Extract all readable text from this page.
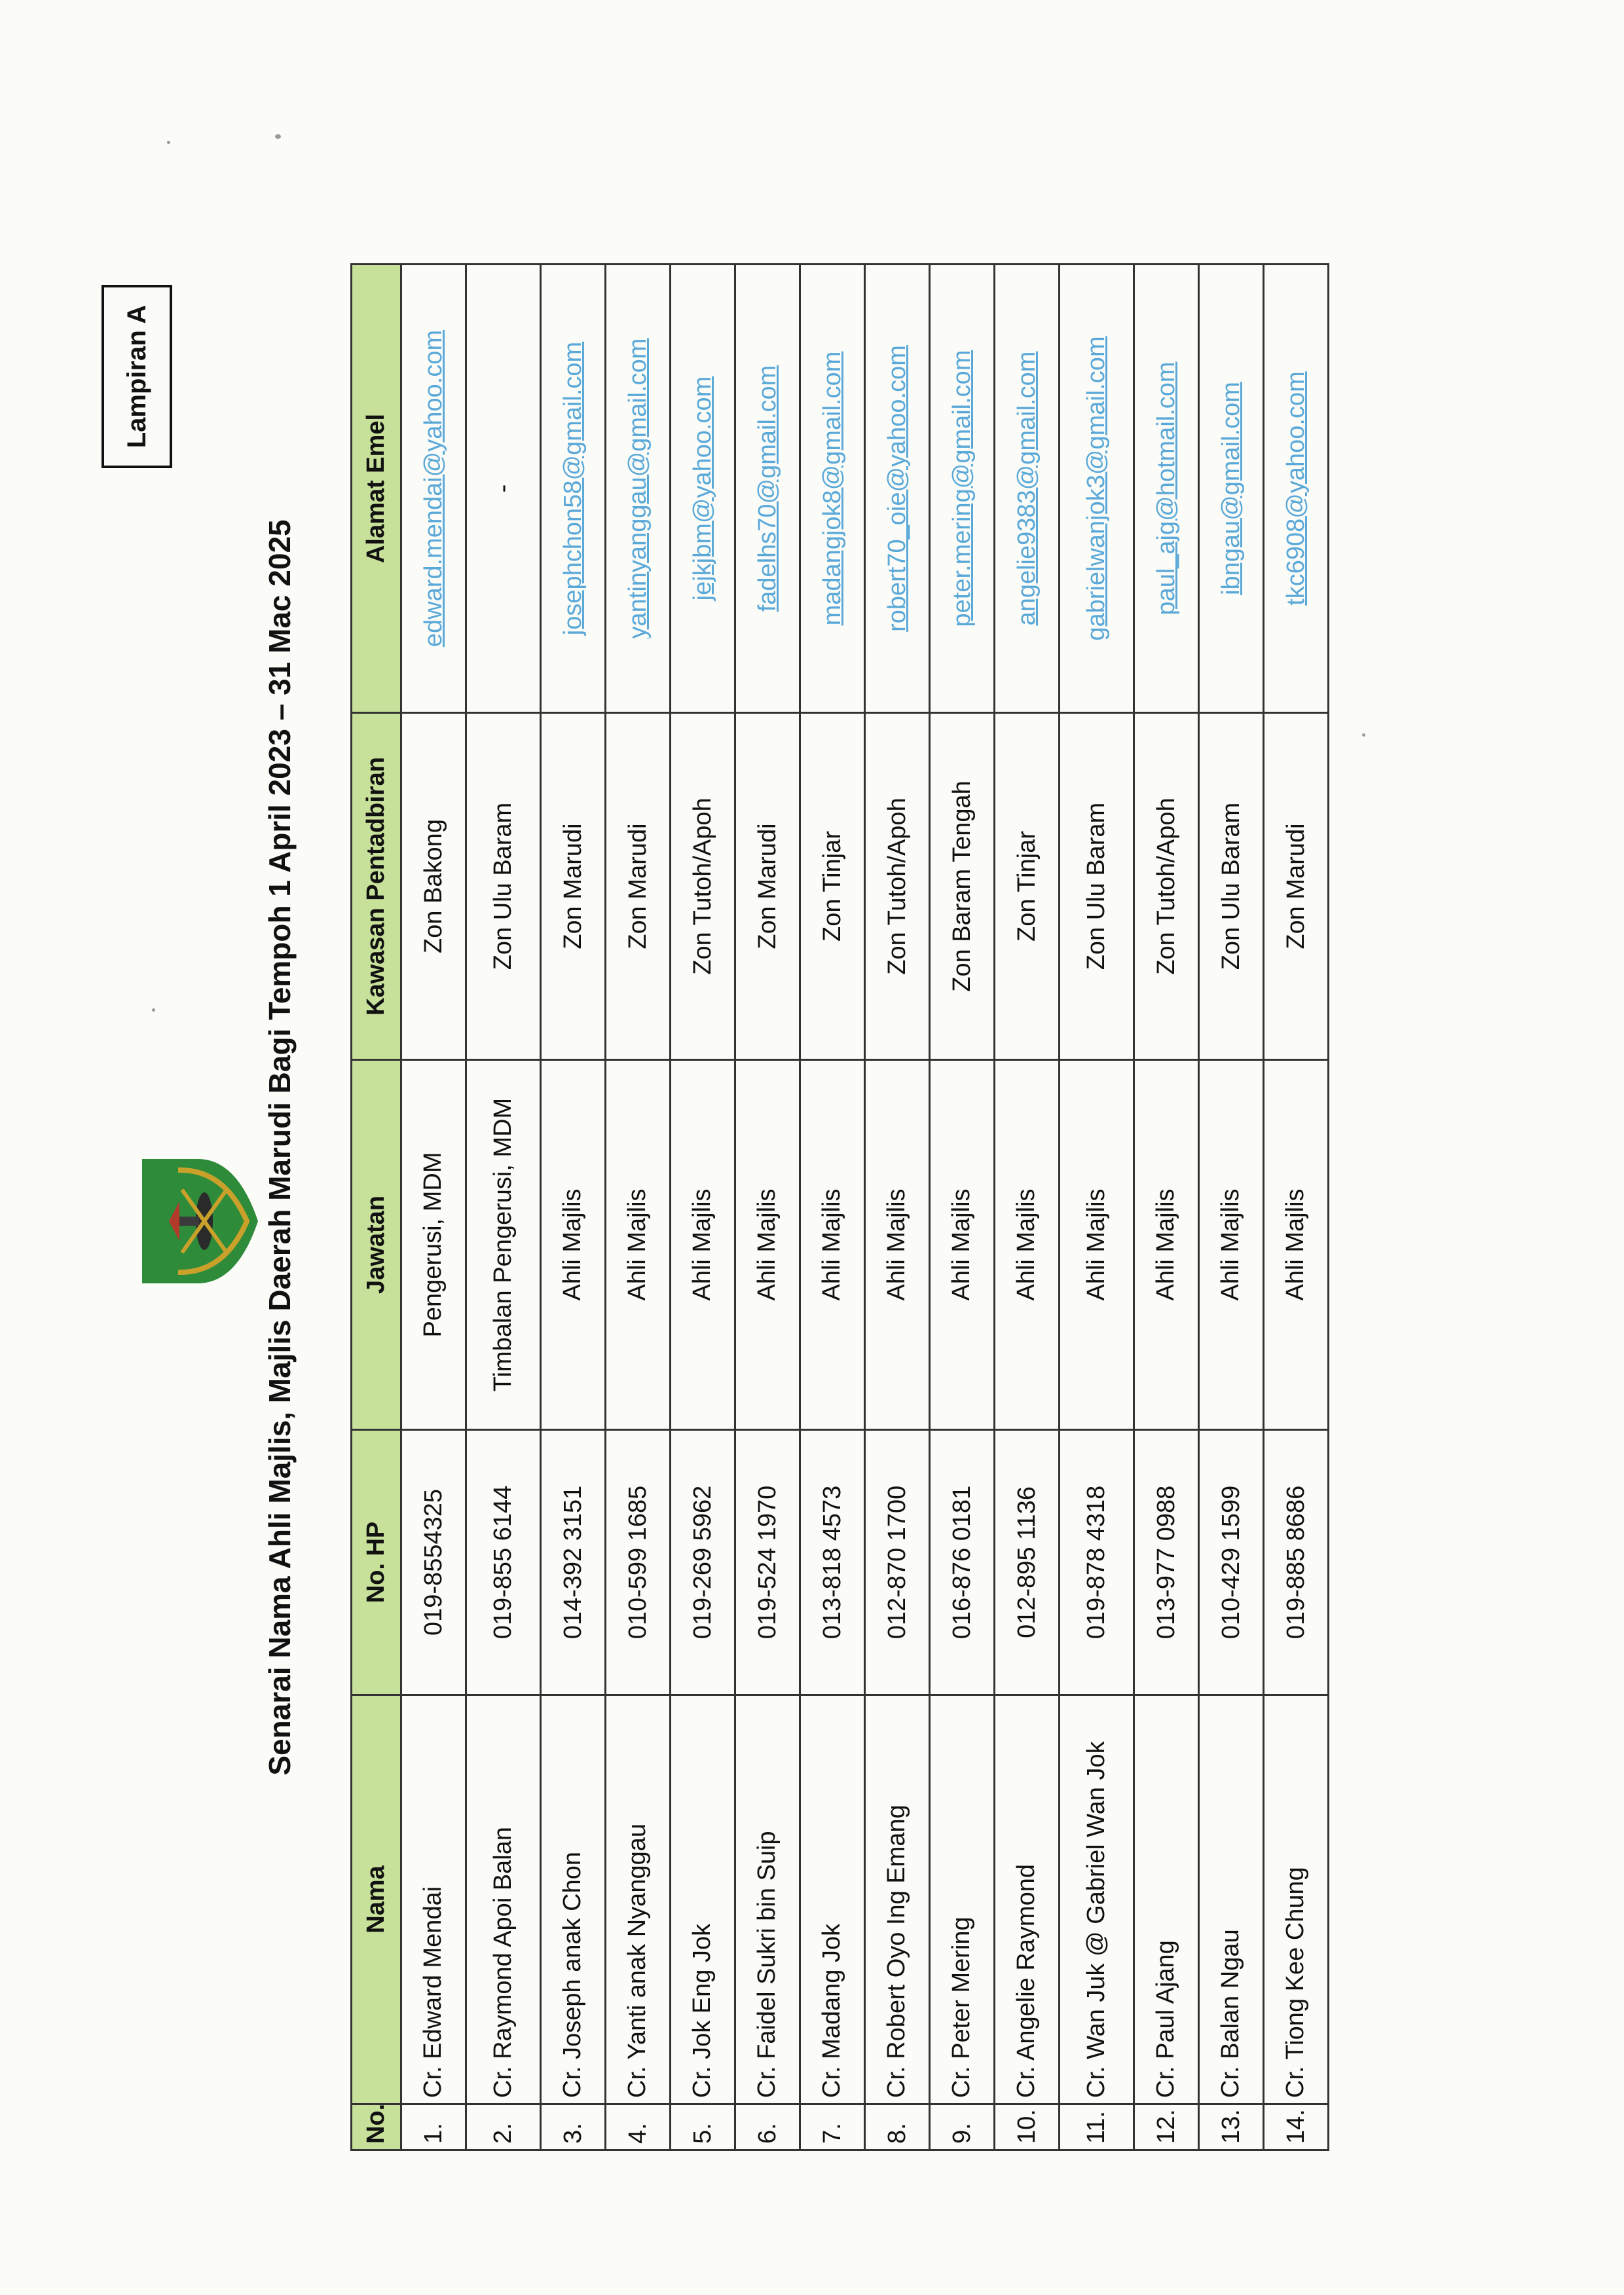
Lampiran A
Senarai Nama Ahli Majlis, Majlis Daerah Marudi Bagi Tempoh 1 April 2023 – 31 Mac 2025
No.	Nama	No. HP	Jawatan	Kawasan Pentadbiran	Alamat Emel
1.	Cr. Edward Mendai	019-8554325	Pengerusi, MDM	Zon Bakong	edward.mendai@yahoo.com
2.	Cr. Raymond Apoi Balan	019-855 6144	Timbalan Pengerusi, MDM	Zon Ulu Baram	-
3.	Cr. Joseph anak Chon	014-392 3151	Ahli Majlis	Zon Marudi	josephchon58@gmail.com
4.	Cr. Yanti anak Nyanggau	010-599 1685	Ahli Majlis	Zon Marudi	yantinyanggau@gmail.com
5.	Cr. Jok Eng Jok	019-269 5962	Ahli Majlis	Zon Tutoh/Apoh	jejkjbm@yahoo.com
6.	Cr. Faidel Sukri bin Suip	019-524 1970	Ahli Majlis	Zon Marudi	fadelhs70@gmail.com
7.	Cr. Madang Jok	013-818 4573	Ahli Majlis	Zon Tinjar	madangjok8@gmail.com
8.	Cr. Robert Oyo Ing Emang	012-870 1700	Ahli Majlis	Zon Tutoh/Apoh	robert70_oie@yahoo.com
9.	Cr. Peter Mering	016-876 0181	Ahli Majlis	Zon Baram Tengah	peter.mering@gmail.com
10.	Cr. Angelie Raymond	012-895 1136	Ahli Majlis	Zon Tinjar	angelie9383@gmail.com
11.	Cr. Wan Juk @ Gabriel Wan Jok	019-878 4318	Ahli Majlis	Zon Ulu Baram	gabrielwanjok3@gmail.com
12.	Cr. Paul Ajang	013-977 0988	Ahli Majlis	Zon Tutoh/Apoh	paul_ajg@hotmail.com
13.	Cr. Balan Ngau	010-429 1599	Ahli Majlis	Zon Ulu Baram	ibngau@gmail.com
14.	Cr. Tiong Kee Chung	019-885 8686	Ahli Majlis	Zon Marudi	tkc6908@yahoo.com
